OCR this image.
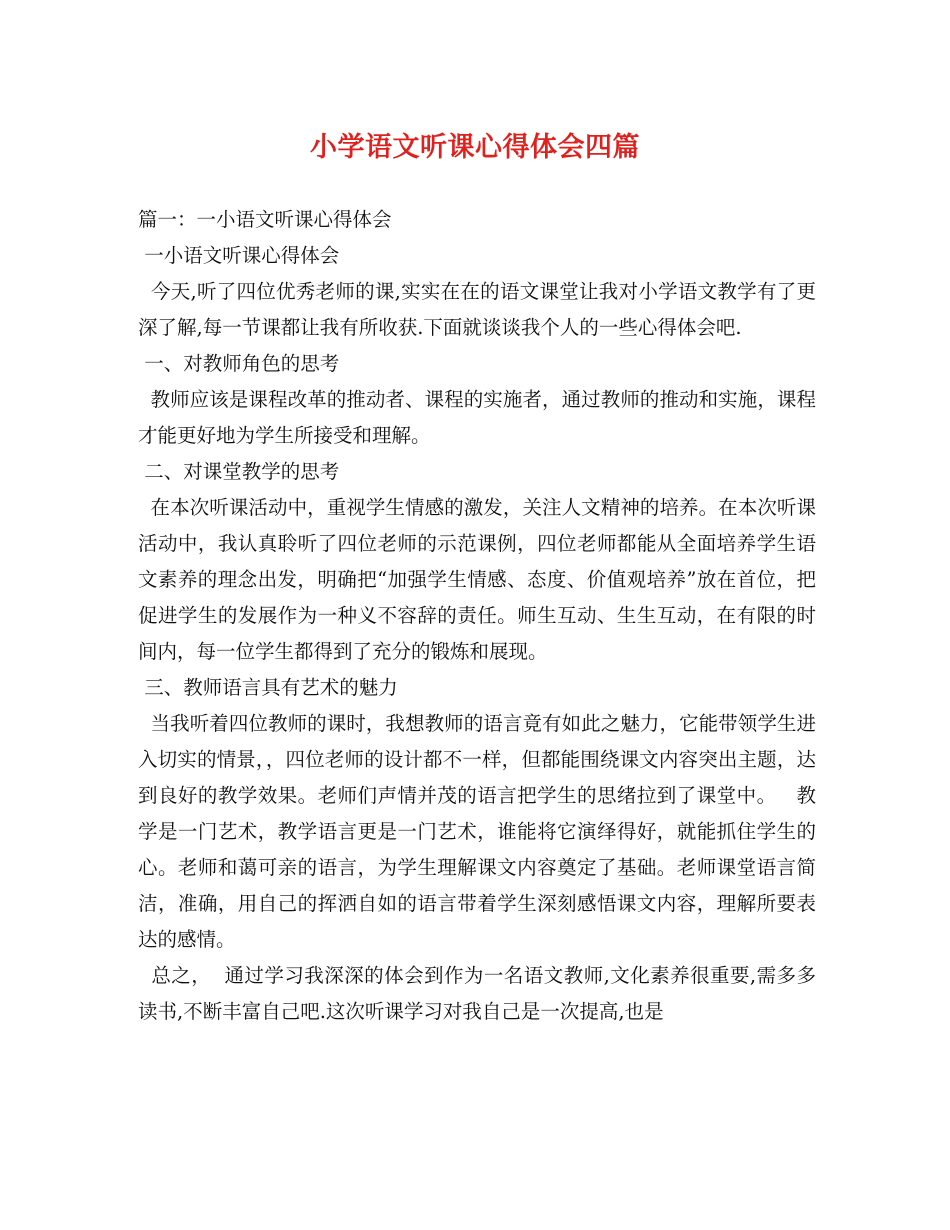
小学语文听课心得体会四篇

篇一：一小语文听课心得体会

一小语文听课心得体会

今天,听了四位优秀老师的课,实实在在的语文课堂让我对小学语文教学有了更深了解,每一节课都让我有所收获.下面就谈谈我个人的一些心得体会吧.

一、对教师角色的思考

教师应该是课程改革的推动者、课程的实施者，通过教师的推动和实施，课程才能更好地为学生所接受和理解。

二、对课堂教学的思考

在本次听课活动中，重视学生情感的激发，关注人文精神的培养。在本次听课活动中，我认真聆听了四位老师的示范课例，四位老师都能从全面培养学生语文素养的理念出发，明确把“加强学生情感、态度、价值观培养”放在首位，把促进学生的发展作为一种义不容辞的责任。师生互动、生生互动，在有限的时间内，每一位学生都得到了充分的锻炼和展现。

三、教师语言具有艺术的魅力

当我听着四位教师的课时，我想教师的语言竟有如此之魅力，它能带领学生进入切实的情景，，四位老师的设计都不一样，但都能围绕课文内容突出主题，达到良好的教学效果。老师们声情并茂的语言把学生的思绪拉到了课堂中。   教学是一门艺术，教学语言更是一门艺术，谁能将它演绎得好，就能抓住学生的心。老师和蔼可亲的语言，为学生理解课文内容奠定了基础。老师课堂语言简洁，准确，用自己的挥洒自如的语言带着学生深刻感悟课文内容，理解所要表达的感情。

总之，  通过学习我深深的体会到作为一名语文教师,文化素养很重要,需多多读书,不断丰富自己吧.这次听课学习对我自己是一次提高,也是
